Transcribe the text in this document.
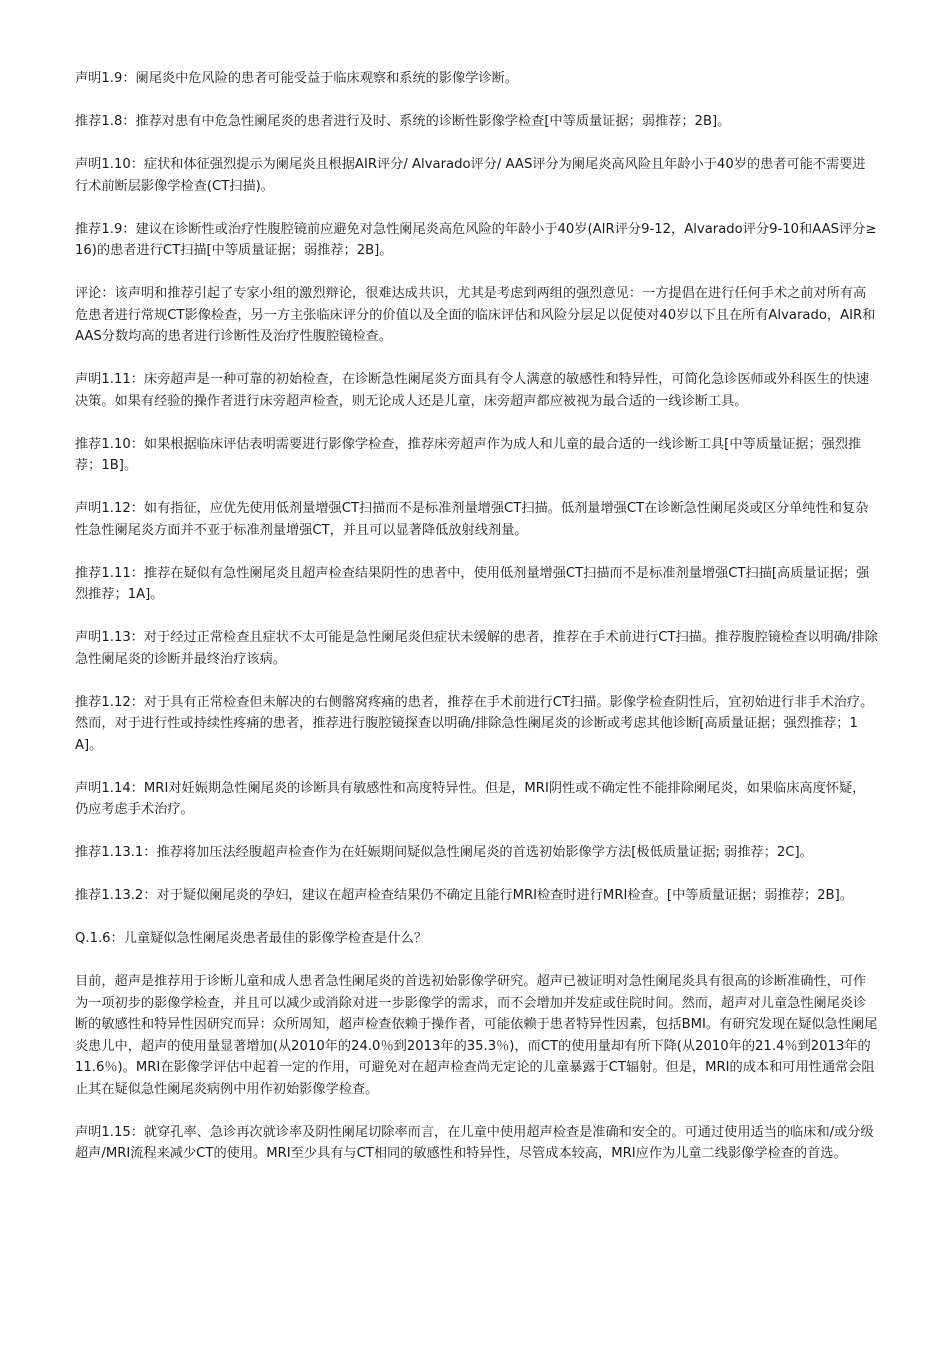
声明1.9：阑尾炎中危风险的患者可能受益于临床观察和系统的影像学诊断。

推荐1.8：推荐对患有中危急性阑尾炎的患者进行及时、系统的诊断性影像学检查[中等质量证据；弱推荐；2B]。

声明1.10：症状和体征强烈提示为阑尾炎且根据AIR评分/ Alvarado评分/ AAS评分为阑尾炎高风险且年龄小于40岁的患者可能不需要进行术前断层影像学检查(CT扫描)。

推荐1.9：建议在诊断性或治疗性腹腔镜前应避免对急性阑尾炎高危风险的年龄小于40岁(AIR评分9-12，Alvarado评分9-10和AAS评分≥16)的患者进行CT扫描[中等质量证据；弱推荐；2B]。

评论：该声明和推荐引起了专家小组的激烈辩论，很难达成共识，尤其是考虑到两组的强烈意见：一方提倡在进行任何手术之前对所有高危患者进行常规CT影像检查，另一方主张临床评分的价值以及全面的临床评估和风险分层足以促使对40岁以下且在所有Alvarado，AIR和AAS分数均高的患者进行诊断性及治疗性腹腔镜检查。

声明1.11：床旁超声是一种可靠的初始检查，在诊断急性阑尾炎方面具有令人满意的敏感性和特异性，可简化急诊医师或外科医生的快速决策。如果有经验的操作者进行床旁超声检查，则无论成人还是儿童，床旁超声都应被视为最合适的一线诊断工具。

推荐1.10：如果根据临床评估表明需要进行影像学检查，推荐床旁超声作为成人和儿童的最合适的一线诊断工具[中等质量证据；强烈推荐；1B]。

声明1.12：如有指征，应优先使用低剂量增强CT扫描而不是标准剂量增强CT扫描。低剂量增强CT在诊断急性阑尾炎或区分单纯性和复杂性急性阑尾炎方面并不亚于标准剂量增强CT，并且可以显著降低放射线剂量。

推荐1.11：推荐在疑似有急性阑尾炎且超声检查结果阴性的患者中，使用低剂量增强CT扫描而不是标准剂量增强CT扫描[高质量证据；强烈推荐；1A]。

声明1.13：对于经过正常检查且症状不太可能是急性阑尾炎但症状未缓解的患者，推荐在手术前进行CT扫描。推荐腹腔镜检查以明确/排除急性阑尾炎的诊断并最终治疗该病。

推荐1.12：对于具有正常检查但未解决的右侧髂窝疼痛的患者，推荐在手术前进行CT扫描。影像学检查阴性后，宜初始进行非手术治疗。然而，对于进行性或持续性疼痛的患者，推荐进行腹腔镜探查以明确/排除急性阑尾炎的诊断或考虑其他诊断[高质量证据；强烈推荐；1A]。

声明1.14：MRI对妊娠期急性阑尾炎的诊断具有敏感性和高度特异性。但是，MRI阴性或不确定性不能排除阑尾炎，如果临床高度怀疑，仍应考虑手术治疗。

推荐1.13.1：推荐将加压法经腹超声检查作为在妊娠期间疑似急性阑尾炎的首选初始影像学方法[极低质量证据; 弱推荐；2C]。

推荐1.13.2：对于疑似阑尾炎的孕妇，建议在超声检查结果仍不确定且能行MRI检查时进行MRI检查。[中等质量证据；弱推荐；2B]。

Q.1.6：儿童疑似急性阑尾炎患者最佳的影像学检查是什么？

目前，超声是推荐用于诊断儿童和成人患者急性阑尾炎的首选初始影像学研究。超声已被证明对急性阑尾炎具有很高的诊断准确性，可作为一项初步的影像学检查，并且可以减少或消除对进一步影像学的需求，而不会增加并发症或住院时间。然而，超声对儿童急性阑尾炎诊断的敏感性和特异性因研究而异：众所周知，超声检查依赖于操作者，可能依赖于患者特异性因素，包括BMI。有研究发现在疑似急性阑尾炎患儿中，超声的使用量显著增加(从2010年的24.0％到2013年的35.3％)，而CT的使用量却有所下降(从2010年的21.4％到2013年的11.6％)。MRI在影像学评估中起着一定的作用，可避免对在超声检查尚无定论的儿童暴露于CT辐射。但是，MRI的成本和可用性通常会阻止其在疑似急性阑尾炎病例中用作初始影像学检查。

声明1.15：就穿孔率、急诊再次就诊率及阴性阑尾切除率而言，在儿童中使用超声检查是准确和安全的。可通过使用适当的临床和/或分级超声/MRI流程来减少CT的使用。MRI至少具有与CT相同的敏感性和特异性，尽管成本较高，MRI应作为儿童二线影像学检查的首选。
